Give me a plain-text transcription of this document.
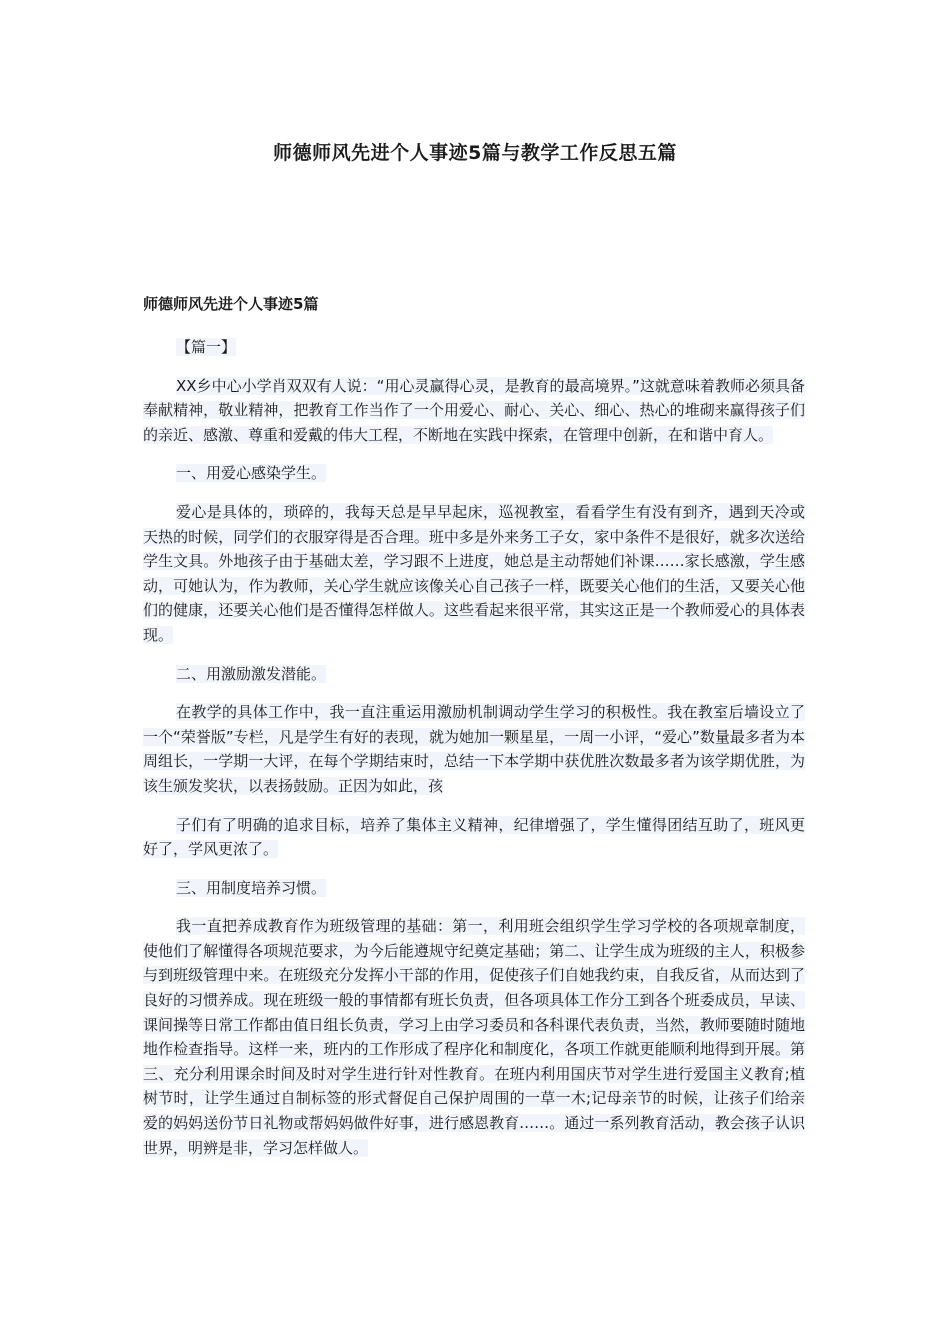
师德师风先进个人事迹5篇与教学工作反思五篇
师德师风先进个人事迹5篇

【篇一】

XX乡中心小学肖双双有人说：“用心灵赢得心灵，是教育的最高境界。”这就意味着教师必须具备奉献精神，敬业精神，把教育工作当作了一个用爱心、耐心、关心、细心、热心的堆砌来赢得孩子们的亲近、感激、尊重和爱戴的伟大工程，不断地在实践中探索，在管理中创新，在和谐中育人。

一、用爱心感染学生。

爱心是具体的，琐碎的，我每天总是早早起床，巡视教室，看看学生有没有到齐，遇到天冷或天热的时候，同学们的衣服穿得是否合理。班中多是外来务工子女，家中条件不是很好，就多次送给学生文具。外地孩子由于基础太差，学习跟不上进度，她总是主动帮她们补课……家长感激，学生感动，可她认为，作为教师，关心学生就应该像关心自己孩子一样，既要关心他们的生活，又要关心他们的健康，还要关心他们是否懂得怎样做人。这些看起来很平常，其实这正是一个教师爱心的具体表现。

二、用激励激发潜能。

在教学的具体工作中，我一直注重运用激励机制调动学生学习的积极性。我在教室后墙设立了一个“荣誉版”专栏，凡是学生有好的表现，就为她加一颗星星，一周一小评，“爱心”数量最多者为本周组长，一学期一大评，在每个学期结束时，总结一下本学期中获优胜次数最多者为该学期优胜，为该生颁发奖状，以表扬鼓励。正因为如此，孩

子们有了明确的追求目标，培养了集体主义精神，纪律增强了，学生懂得团结互助了，班风更好了，学风更浓了。

三、用制度培养习惯。

我一直把养成教育作为班级管理的基础：第一，利用班会组织学生学习学校的各项规章制度，使他们了解懂得各项规范要求，为今后能遵规守纪奠定基础；第二、让学生成为班级的主人，积极参与到班级管理中来。在班级充分发挥小干部的作用，促使孩子们自她我约束，自我反省，从而达到了良好的习惯养成。现在班级一般的事情都有班长负责，但各项具体工作分工到各个班委成员，早读、课间操等日常工作都由值日组长负责，学习上由学习委员和各科课代表负责，当然，教师要随时随地地作检查指导。这样一来，班内的工作形成了程序化和制度化，各项工作就更能顺利地得到开展。第三、充分利用课余时间及时对学生进行针对性教育。在班内利用国庆节对学生进行爱国主义教育;植树节时，让学生通过自制标签的形式督促自己保护周围的一草一木;记母亲节的时候，让孩子们给亲爱的妈妈送份节日礼物或帮妈妈做件好事，进行感恩教育……。通过一系列教育活动，教会孩子认识世界，明辨是非，学习怎样做人。
